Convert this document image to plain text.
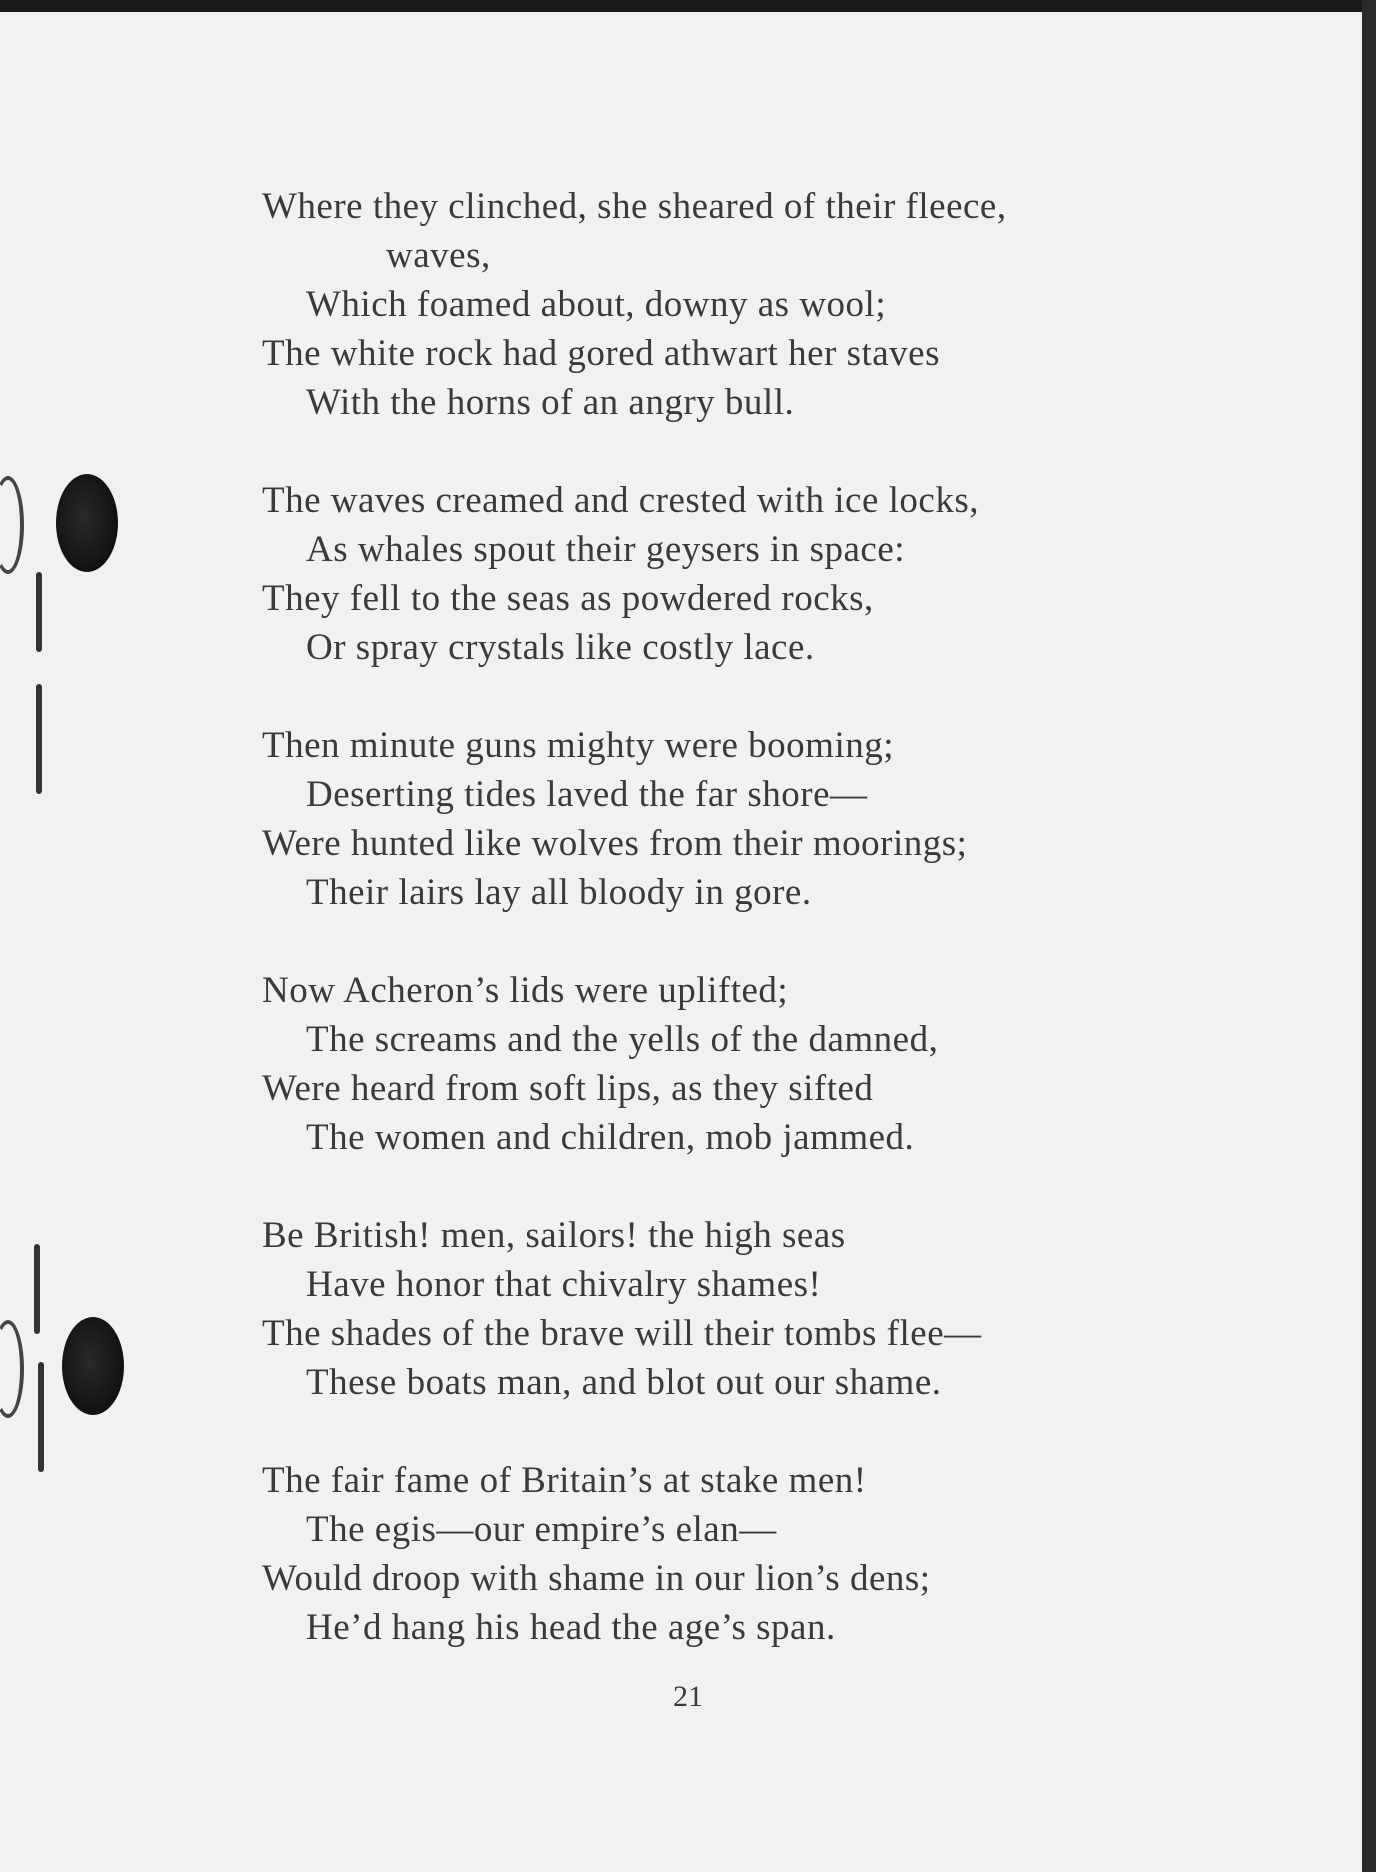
Where they clinched, she sheared of their fleece,
waves,
Which foamed about, downy as wool;
The white rock had gored athwart her staves
With the horns of an angry bull.
The waves creamed and crested with ice locks,
As whales spout their geysers in space:
They fell to the seas as powdered rocks,
Or spray crystals like costly lace.
Then minute guns mighty were booming;
Deserting tides laved the far shore—
Were hunted like wolves from their moorings;
Their lairs lay all bloody in gore.
Now Acheron’s lids were uplifted;
The screams and the yells of the damned,
Were heard from soft lips, as they sifted
The women and children, mob jammed.
Be British! men, sailors! the high seas
Have honor that chivalry shames!
The shades of the brave will their tombs flee—
These boats man, and blot out our shame.
The fair fame of Britain’s at stake men!
The egis—our empire’s elan—
Would droop with shame in our lion’s dens;
He’d hang his head the age’s span.
21
